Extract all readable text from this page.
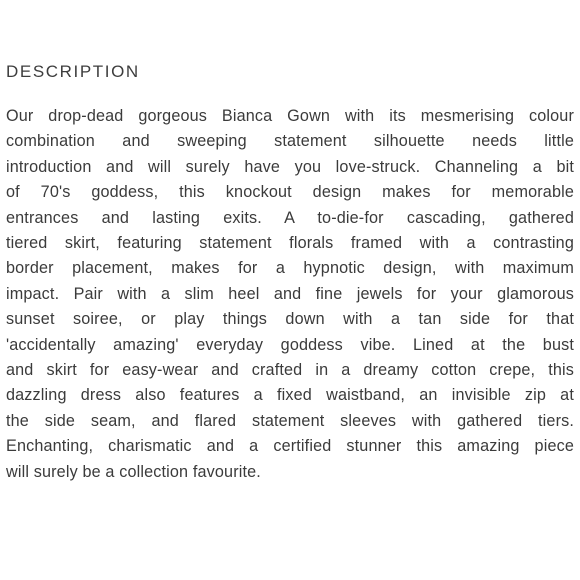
DESCRIPTION

Our drop-dead gorgeous Bianca Gown with its mesmerising colour
combination and sweeping statement silhouette needs little
introduction and will surely have you love-struck. Channeling a bit
of 70's goddess, this knockout design makes for memorable
entrances and lasting exits. A to-die-for cascading, gathered
tiered skirt, featuring statement florals framed with a contrasting
border placement, makes for a hypnotic design, with maximum
impact. Pair with a slim heel and fine jewels for your glamorous
sunset soiree, or play things down with a tan side for that
'accidentally amazing' everyday goddess vibe. Lined at the bust
and skirt for easy-wear and crafted in a dreamy cotton crepe, this
dazzling dress also features a fixed waistband, an invisible zip at
the side seam, and flared statement sleeves with gathered tiers.
Enchanting, charismatic and a certified stunner this amazing piece
will surely be a collection favourite.
